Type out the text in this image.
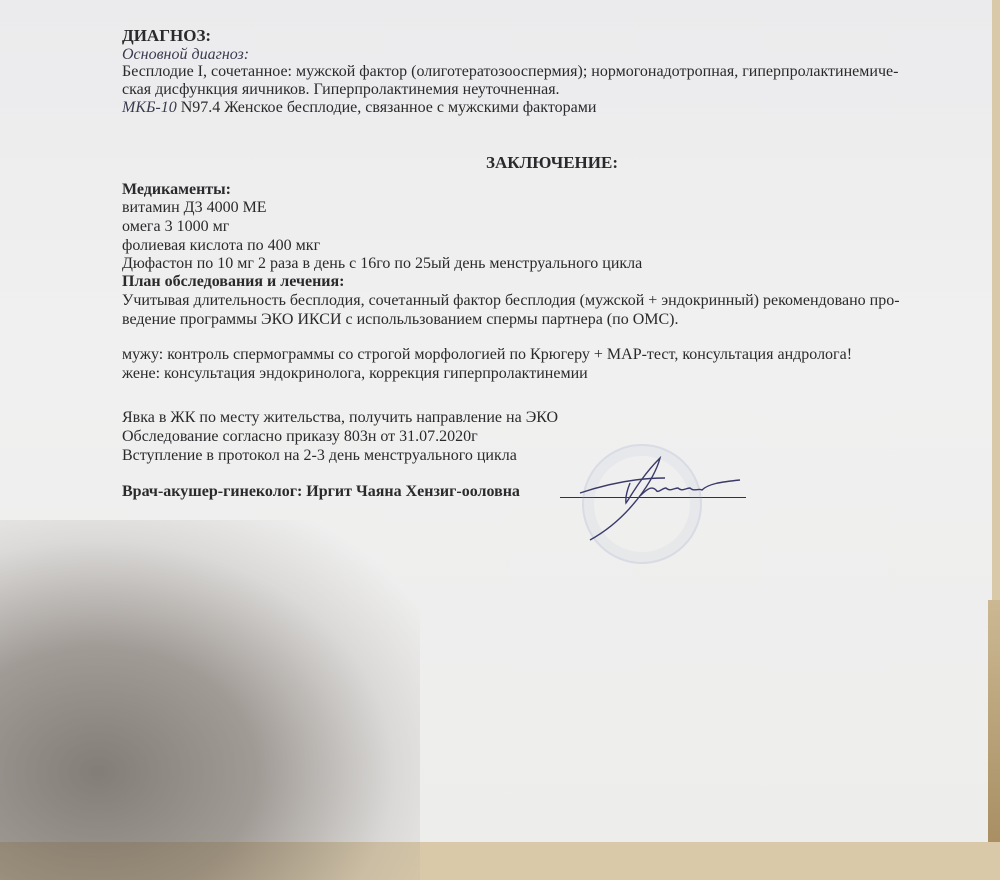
ДИАГНОЗ:
Основной диагноз:
Бесплодие I, сочетанное: мужской фактор (олиготератозооспермия); нормогонадотропная, гиперпролактинемиче-
ская дисфункция яичников. Гиперпролактинемия неуточненная.
МКБ-10 N97.4 Женское бесплодие, связанное с мужскими факторами
ЗАКЛЮЧЕНИЕ:
Медикаменты:
витамин Д3 4000 МЕ
омега 3 1000 мг
фолиевая кислота по 400 мкг
Дюфастон по 10 мг 2 раза в день с 16го по 25ый день менструального цикла
План обследования и лечения:
Учитывая длительность бесплодия, сочетанный фактор бесплодия (мужской + эндокринный) рекомендовано про-
ведение программы ЭКО ИКСИ с испольльзованием спермы партнера (по ОМС).
мужу: контроль спермограммы со строгой морфологией по Крюгеру + МАР-тест, консультация андролога!
жене: консультация эндокринолога, коррекция гиперпролактинемии
Явка в ЖК по месту жительства, получить направление на ЭКО
Обследование согласно приказу 803н от 31.07.2020г
Вступление в протокол на 2-3 день менструального цикла
Врач-акушер-гинеколог: Иргит Чаяна Хензиг-ооловна
